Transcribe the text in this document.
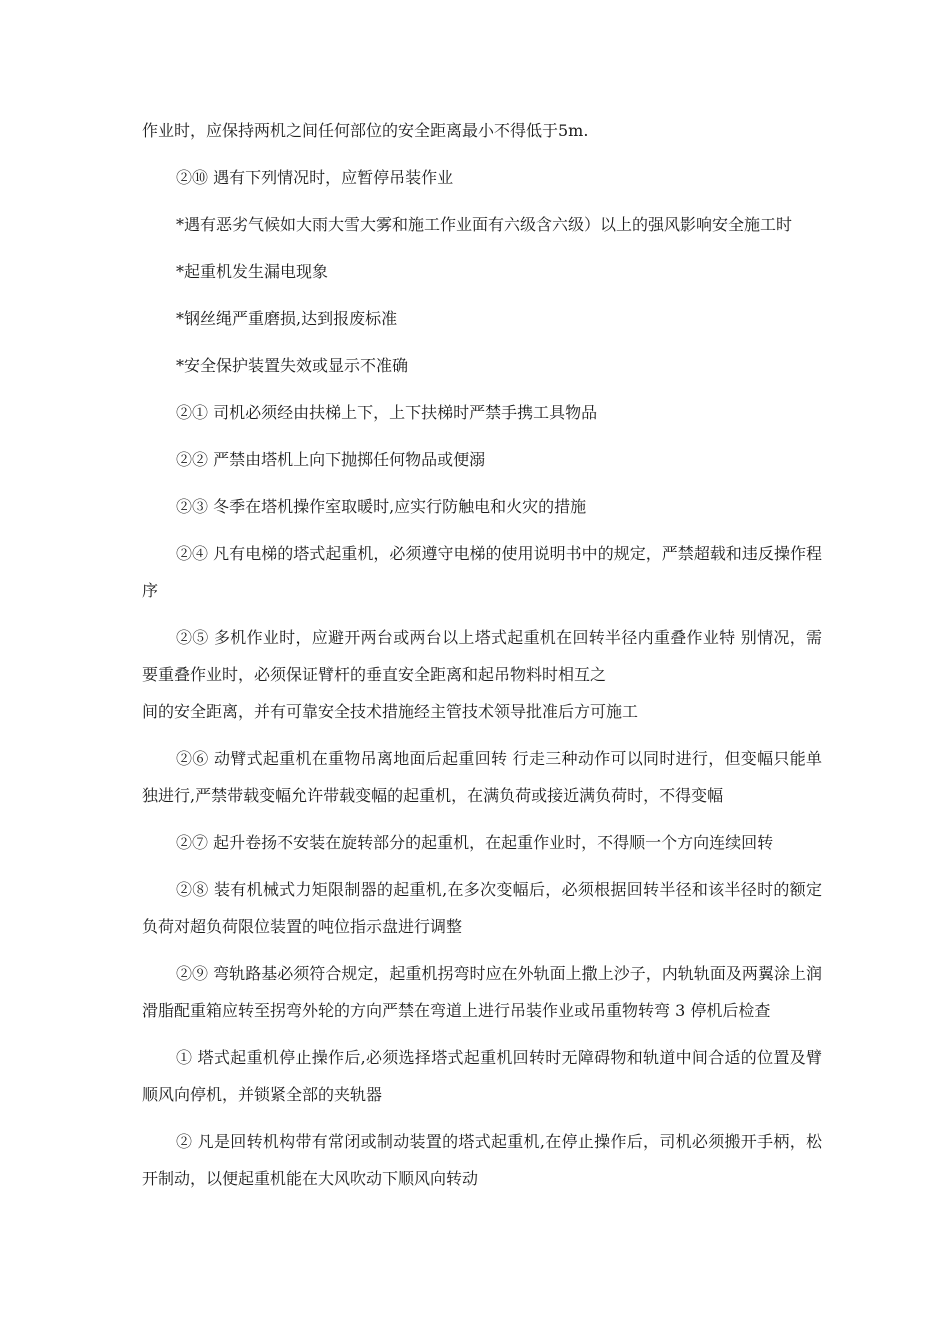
作业时，应保持两机之间任何部位的安全距离最小不得低于5m.

②⑩ 遇有下列情况时，应暂停吊装作业

*遇有恶劣气候如大雨大雪大雾和施工作业面有六级含六级）以上的强风影响安全施工时

*起重机发生漏电现象

*钢丝绳严重磨损,达到报废标准

*安全保护装置失效或显示不准确

②① 司机必须经由扶梯上下，上下扶梯时严禁手携工具物品

②② 严禁由塔机上向下抛掷任何物品或便溺

②③ 冬季在塔机操作室取暖时,应实行防触电和火灾的措施

②④ 凡有电梯的塔式起重机，必须遵守电梯的使用说明书中的规定，严禁超载和违反操作程序

②⑤ 多机作业时，应避开两台或两台以上塔式起重机在回转半径内重叠作业特 别情况，需要重叠作业时，必须保证臂杆的垂直安全距离和起吊物料时相互之

间的安全距离，并有可靠安全技术措施经主管技术领导批准后方可施工

②⑥ 动臂式起重机在重物吊离地面后起重回转 行走三种动作可以同时进行，但变幅只能单独进行,严禁带载变幅允许带载变幅的起重机，在满负荷或接近满负荷时，不得变幅

②⑦ 起升卷扬不安装在旋转部分的起重机，在起重作业时，不得顺一个方向连续回转

②⑧ 装有机械式力矩限制器的起重机,在多次变幅后，必须根据回转半径和该半径时的额定负荷对超负荷限位装置的吨位指示盘进行调整

②⑨ 弯轨路基必须符合规定，起重机拐弯时应在外轨面上撒上沙子，内轨轨面及两翼涂上润滑脂配重箱应转至拐弯外轮的方向严禁在弯道上进行吊装作业或吊重物转弯 3 停机后检查

① 塔式起重机停止操作后,必须选择塔式起重机回转时无障碍物和轨道中间合适的位置及臂顺风向停机，并锁紧全部的夹轨器

② 凡是回转机构带有常闭或制动装置的塔式起重机,在停止操作后，司机必须搬开手柄，松开制动，以便起重机能在大风吹动下顺风向转动
